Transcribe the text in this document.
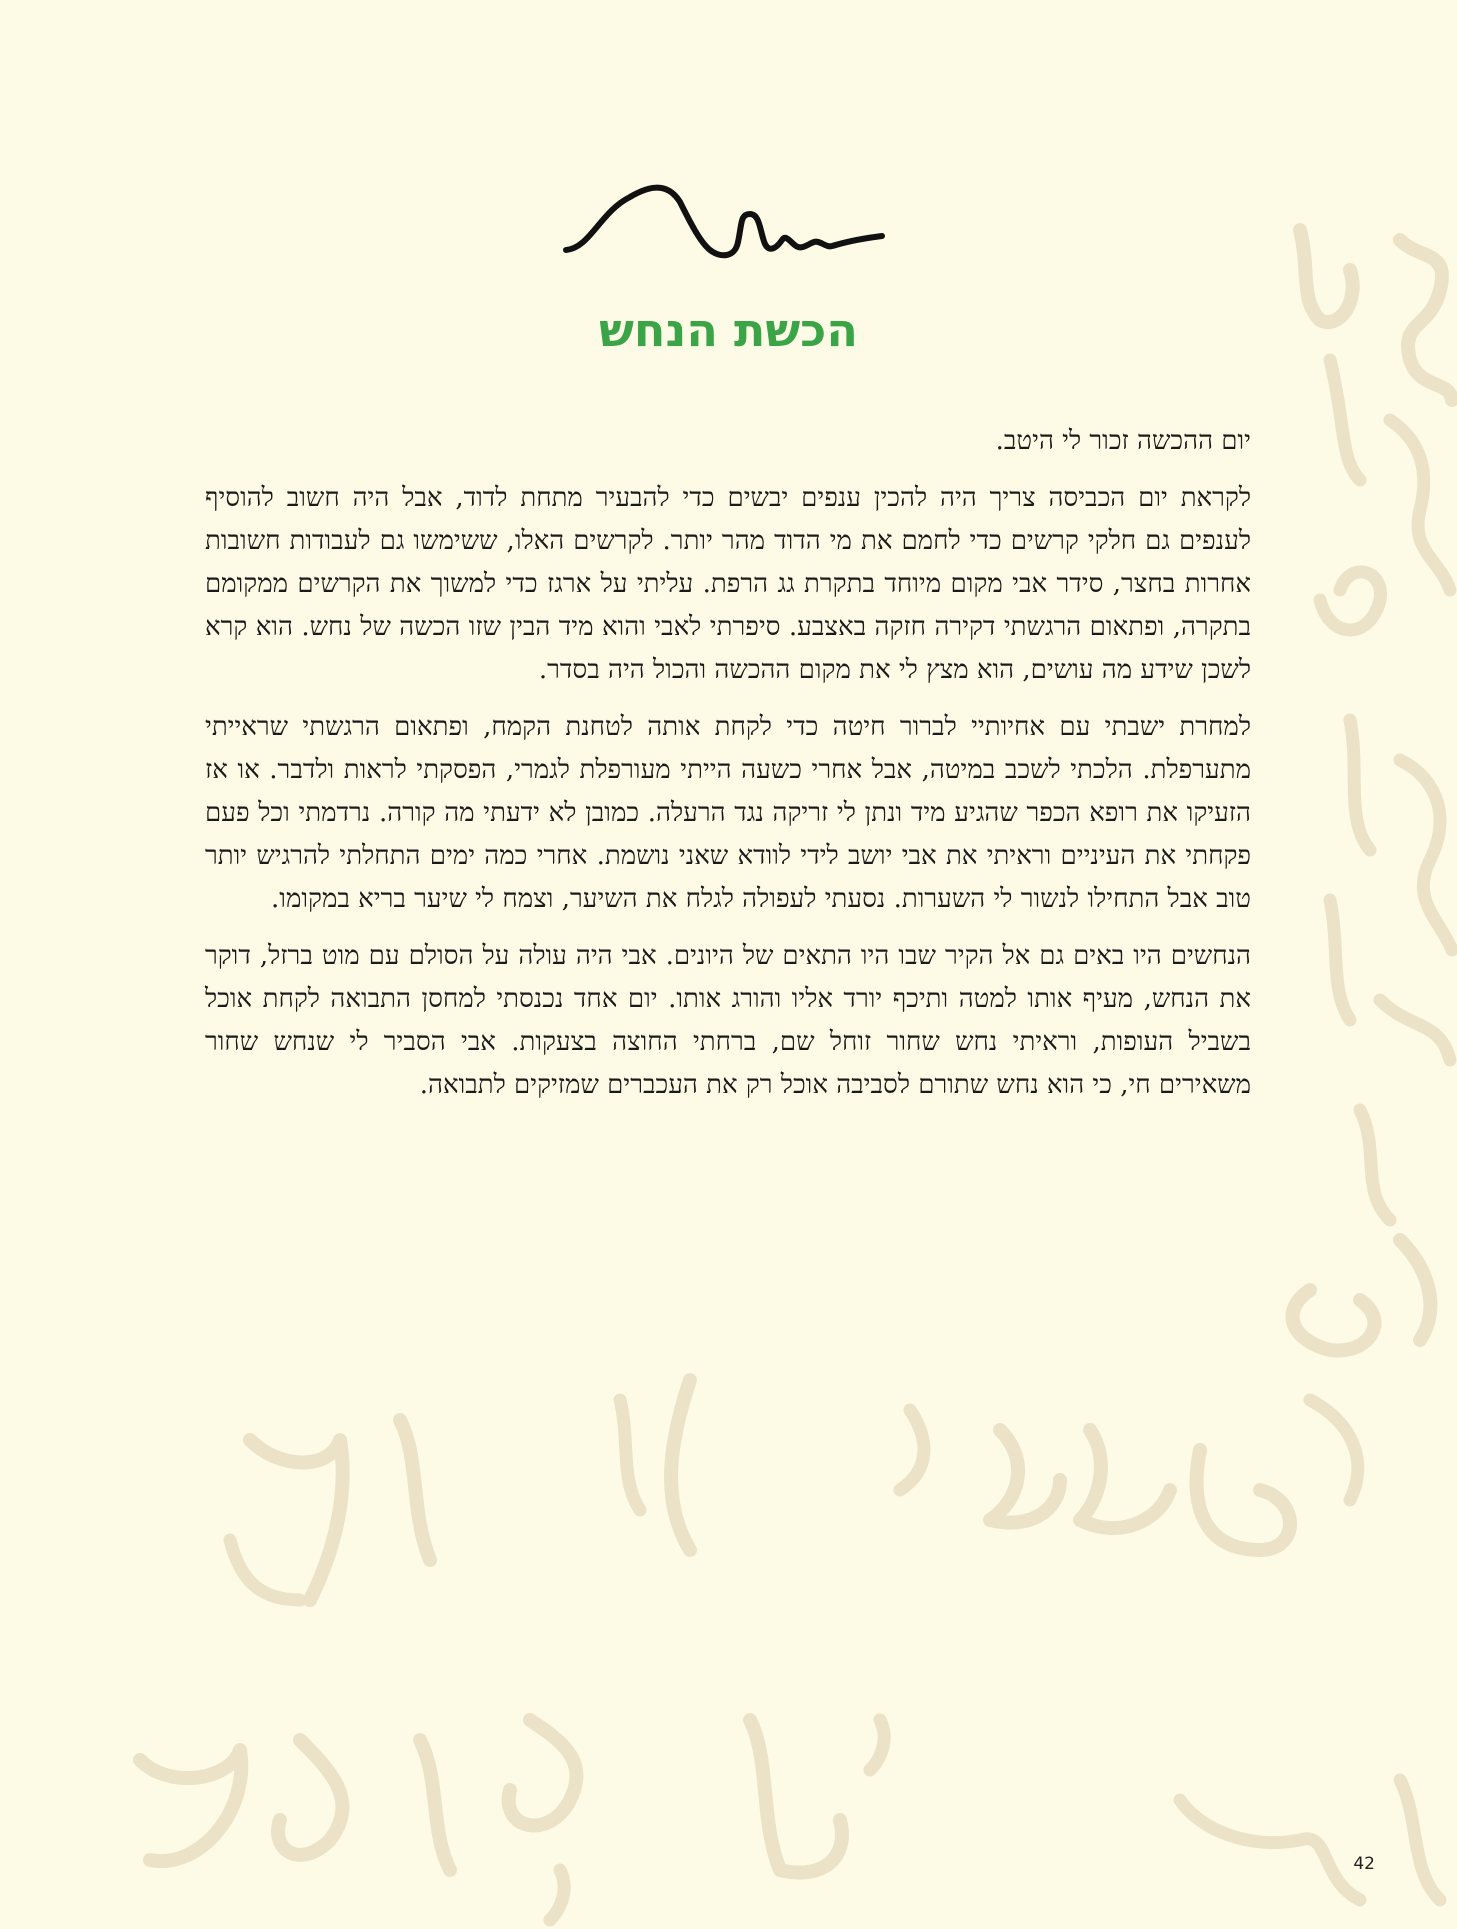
הכשת הנחש

יום ההכשה זכור לי היטב.

לקראת יום הכביסה צריך היה להכין ענפים יבשים כדי להבעיר מתחת לדוד, אבל היה חשוב להוסיף לענפים גם חלקי קרשים כדי לחמם את מי הדוד מהר יותר. לקרשים האלו, ששימשו גם לעבודות חשובות אחרות בחצר, סידר אבי מקום מיוחד בתקרת גג הרפת. עליתי על ארגז כדי למשוך את הקרשים ממקומם בתקרה, ופתאום הרגשתי דקירה חזקה באצבע. סיפרתי לאבי והוא מיד הבין שזו הכשה של נחש. הוא קרא לשכן שידע מה עושים, הוא מצץ לי את מקום ההכשה והכול היה בסדר.

למחרת ישבתי עם אחיותיי לברור חיטה כדי לקחת אותה לטחנת הקמח, ופתאום הרגשתי שראייתי מתערפלת. הלכתי לשכב במיטה, אבל אחרי כשעה הייתי מעורפלת לגמרי, הפסקתי לראות ולדבר. או אז הזעיקו את רופא הכפר שהגיע מיד ונתן לי זריקה נגד הרעלה. כמובן לא ידעתי מה קורה. נרדמתי וכל פעם פקחתי את העיניים וראיתי את אבי יושב לידי לוודא שאני נושמת. אחרי כמה ימים התחלתי להרגיש יותר טוב אבל התחילו לנשור לי השערות. נסעתי לעפולה לגלח את השיער, וצמח לי שיער בריא במקומו.

הנחשים היו באים גם אל הקיר שבו היו התאים של היונים. אבי היה עולה על הסולם עם מוט ברזל, דוקר את הנחש, מעיף אותו למטה ותיכף יורד אליו והורג אותו. יום אחד נכנסתי למחסן התבואה לקחת אוכל בשביל העופות, וראיתי נחש שחור זוחל שם, ברחתי החוצה בצעקות. אבי הסביר לי שנחש שחור משאירים חי, כי הוא נחש שתורם לסביבה אוכל רק את העכברים שמזיקים לתבואה.

42
